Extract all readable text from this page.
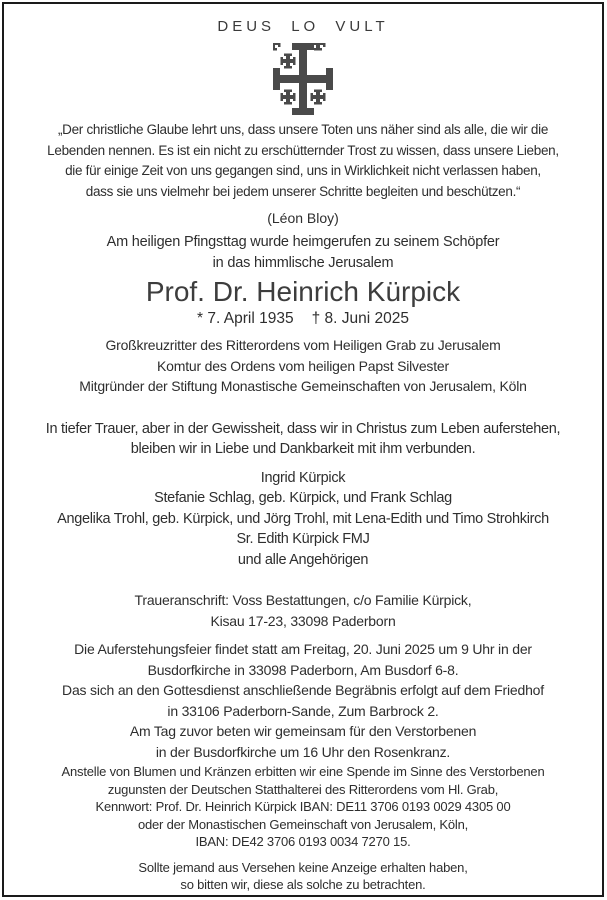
DEUS LO VULT
„Der christliche Glaube lehrt uns, dass unsere Toten uns näher sind als alle, die wir die
Lebenden nennen. Es ist ein nicht zu erschütternder Trost zu wissen, dass unsere Lieben,
die für einige Zeit von uns gegangen sind, uns in Wirklichkeit nicht verlassen haben,
dass sie uns vielmehr bei jedem unserer Schritte begleiten und beschützen.“
(Léon Bloy)
Am heiligen Pfingsttag wurde heimgerufen zu seinem Schöpfer
in das himmlische Jerusalem
Prof. Dr. Heinrich Kürpick
* 7. April 1935 † 8. Juni 2025
Großkreuzritter des Ritterordens vom Heiligen Grab zu Jerusalem
Komtur des Ordens vom heiligen Papst Silvester
Mitgründer der Stiftung Monastische Gemeinschaften von Jerusalem, Köln
In tiefer Trauer, aber in der Gewissheit, dass wir in Christus zum Leben auferstehen,
bleiben wir in Liebe und Dankbarkeit mit ihm verbunden.
Ingrid Kürpick
Stefanie Schlag, geb. Kürpick, und Frank Schlag
Angelika Trohl, geb. Kürpick, und Jörg Trohl, mit Lena-Edith und Timo Strohkirch
Sr. Edith Kürpick FMJ
und alle Angehörigen
Traueranschrift: Voss Bestattungen, c/o Familie Kürpick,
Kisau 17-23, 33098 Paderborn
Die Auferstehungsfeier findet statt am Freitag, 20. Juni 2025 um 9 Uhr in der
Busdorfkirche in 33098 Paderborn, Am Busdorf 6-8.
Das sich an den Gottesdienst anschließende Begräbnis erfolgt auf dem Friedhof
in 33106 Paderborn-Sande, Zum Barbrock 2.
Am Tag zuvor beten wir gemeinsam für den Verstorbenen
in der Busdorfkirche um 16 Uhr den Rosenkranz.
Anstelle von Blumen und Kränzen erbitten wir eine Spende im Sinne des Verstorbenen
zugunsten der Deutschen Statthalterei des Ritterordens vom Hl. Grab,
Kennwort: Prof. Dr. Heinrich Kürpick IBAN: DE11 3706 0193 0029 4305 00
oder der Monastischen Gemeinschaft von Jerusalem, Köln,
IBAN: DE42 3706 0193 0034 7270 15.
Sollte jemand aus Versehen keine Anzeige erhalten haben,
so bitten wir, diese als solche zu betrachten.
